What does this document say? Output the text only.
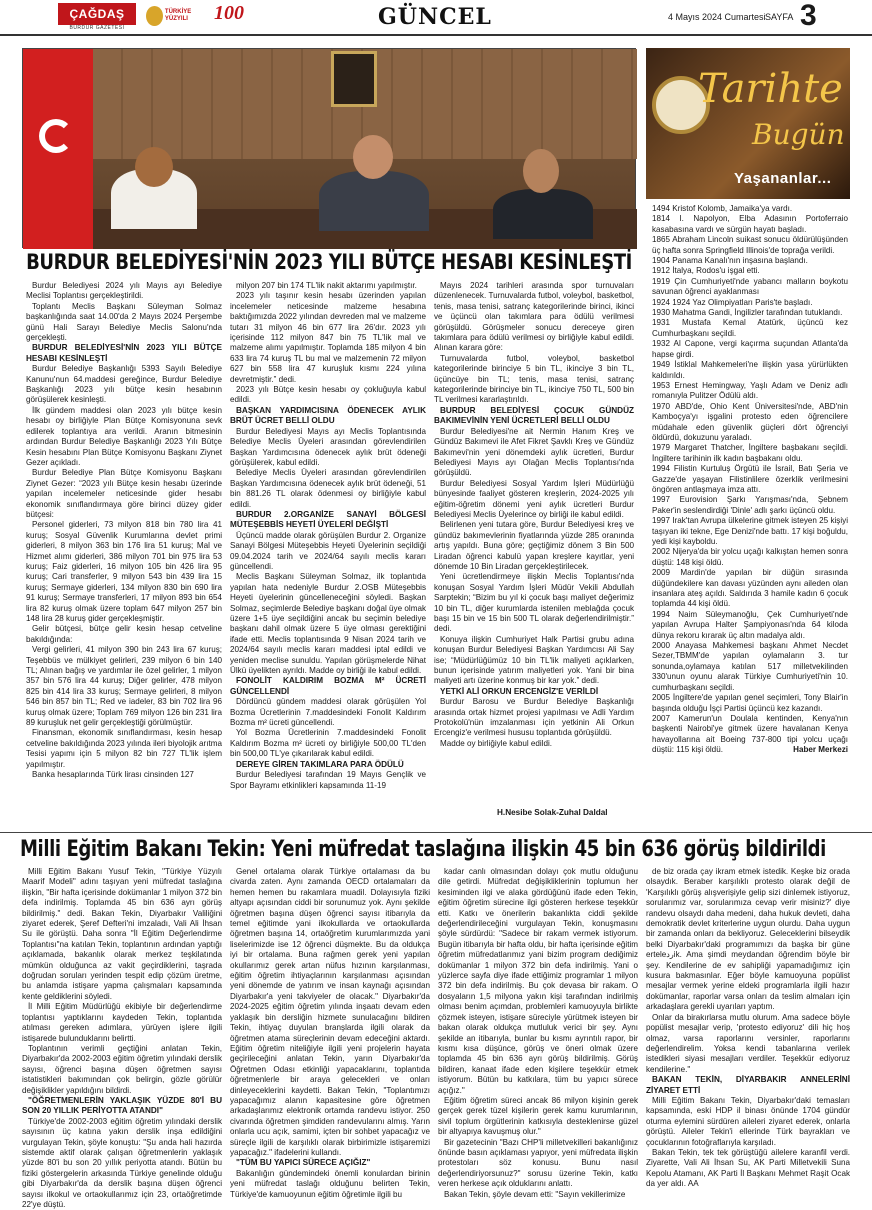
ÇAĞDAŞ
BURDUR GAZETESİ
TÜRKİYE YÜZYILI	100	GÜNCEL	4 Mayıs 2024 Cumartesi SAYFA 3
BURDUR BELEDİYESİ'NİN 2023 YILI BÜTÇE HESABI KESİNLEŞTİ

Burdur Belediyesi 2024 yılı Mayıs ayı Belediye Meclisi Toplantısı gerçekleştirildi.

Toplantı Meclis Başkanı Süleyman Solmaz başkanlığında saat 14.00'da 2 Mayıs 2024 Perşembe günü Hali Sarayı Belediye Meclis Salonu'nda gerçekleşti.

BURDUR BELEDİYESİ'NİN 2023 YILI BÜTÇE HESABI KESİNLEŞTİ

Burdur Belediye Başkanlığı 5393 Sayılı Belediye Kanunu'nun 64.maddesi gereğince, Burdur Belediye Başkanlığı 2023 yılı bütçe kesin hesabının görüşülerek kesinleşti.

İlk gündem maddesi olan 2023 yılı bütçe kesin hesabı oy birliğiyle Plan Bütçe Komisyonuna sevk edilerek toplantıya ara verildi. Aranın bitmesinin ardından Burdur Belediye Başkanlığı 2023 Yılı Bütçe Kesin hesabını Plan Bütçe Komisyonu Başkanı Ziynet Gezer açıkladı.

Burdur Belediye Plan Bütçe Komisyonu Başkanı Ziynet Gezer: “2023 yılı Bütçe kesin hesabı üzerinde yapılan incelemeler neticesinde gider hesabı ekonomik sınıflandırmaya göre birinci düzey gider bütçesi:

Personel giderleri, 73 milyon 818 bin 780 lira 41 kuruş; Sosyal Güvenlik Kurumlarına devlet primi giderleri, 8 milyon 363 bin 176 lira 51 kuruş; Mal ve Hizmet alımı giderleri, 386 milyon 701 bin 975 lira 53 kuruş; Faiz giderleri, 16 milyon 105 bin 426 lira 95 kuruş; Cari transferler, 9 milyon 543 bin 439 lira 15 kuruş; Sermaye giderleri, 134 milyon 830 bin 690 lira 91 kuruş; Sermaye transferleri, 17 milyon 893 bin 654 lira 82 kuruş olmak üzere toplam 647 milyon 257 bin 148 lira 28 kuruş gider gerçekleşmiştir.

Gelir bütçesi, bütçe gelir kesin hesap cetveline bakıldığında:

Vergi gelirleri, 41 milyon 390 bin 243 lira 67 kuruş; Teşebbüs ve mülkiyet gelirleri, 239 milyon 6 bin 140 TL; Alınan bağış ve yardımlar ile özel gelirler, 1 milyon 357 bin 576 lira 44 kuruş; Diğer gelirler, 478 milyon 825 bin 414 lira 33 kuruş; Sermaye gelirleri, 8 milyon 546 bin 857 bin TL; Red ve iadeler, 83 bin 702 lira 96 kuruş olmak üzere; Toplam 769 milyon 126 bin 231 lira 89 kuruşluk net gelir gerçekleştiği görülmüştür.

Finansman, ekonomik sınıflandırması, kesin hesap cetveline bakıldığında 2023 yılında ileri biyolojik arıtma Tesisi yapımı için 5 milyon 82 bin 727 TL'lik işlem yapılmıştır.

Banka hesaplarında Türk lirası cinsinden 127

milyon 207 bin 174 TL'lik nakit aktarımı yapılmıştır.

2023 yılı taşınır kesin hesabı üzerinden yapılan incelemeler neticesinde malzeme hesabına baktığımızda 2022 yılından devreden mal ve malzeme tutarı 31 milyon 46 bin 677 lira 26'dır. 2023 yılı içerisinde 112 milyon 847 bin 75 TL'lik mal ve malzeme alımı yapılmıştır. Toplamda 185 milyon 4 bin 633 lira 74 kuruş TL bu mal ve malzemenin 72 milyon 627 bin 558 lira 47 kuruşluk kısmı 224 yılına devretmiştir.” dedi.

2023 yılı Bütçe kesin hesabı oy çokluğuyla kabul edildi.

BAŞKAN YARDIMCISINA ÖDENECEK AYLIK BRÜT ÜCRET BELLİ OLDU

Burdur Belediyesi Mayıs ayı Meclis Toplantısında Belediye Meclis Üyeleri arasından görevlendirilen Başkan Yardımcısına ödenecek aylık brüt ödeneği görüşülerek, kabul edildi.

Belediye Meclis Üyeleri arasından görevlendirilen Başkan Yardımcısına ödenecek aylık brüt ödeneği, 51 bin 881.26 TL olarak ödenmesi oy birliğiyle kabul edildi.

BURDUR 2.ORGANİZE SANAYİ BÖLGESİ MÜTEŞEBBİS HEYETİ ÜYELERİ DEĞİŞTİ

Üçüncü madde olarak görüşülen Burdur 2. Organize Sanayi Bölgesi Müteşebbis Heyeti Üyelerinin seçildiği 09.04.2024 tarih ve 2024/64 sayılı meclis kararı güncellendi.

Meclis Başkanı Süleyman Solmaz, ilk toplantıda yapılan hata nedeniyle Burdur 2.OSB Müteşebbis Heyeti üyelerinin güncelleneceğini söyledi. Başkan Solmaz, seçimlerde Belediye başkanı doğal üye olmak üzere 1+5 üye seçildiğini ancak bu seçimin belediye başkanı dahil olmak üzere 5 üye olması gerektiğini ifade etti. Meclis toplantısında 9 Nisan 2024 tarih ve 2024/64 sayılı meclis kararı maddesi iptal edildi ve yeniden meclise sunuldu. Yapılan görüşmelerde Nihat Ülkü üyelikten ayrıldı. Madde oy birliği ile kabul edildi.

FONOLİT KALDIRIM BOZMA M² ÜCRETİ GÜNCELLENDİ

Dördüncü gündem maddesi olarak görüşülen Yol Bozma Ücretlerinin 7.maddesindeki Fonolit Kaldırım Bozma m² ücreti güncellendi.

Yol Bozma Ücretlerinin 7.maddesindeki Fonolit Kaldırım Bozma m² ücreti oy birliğiyle 500,00 TL'den bin 500,00 TL'ye çıkarılarak kabul edildi.

DEREYE GİREN TAKIMLARA PARA ÖDÜLÜ

Burdur Belediyesi tarafından 19 Mayıs Gençlik ve Spor Bayramı etkinlikleri kapsamında 11-19

Mayıs 2024 tarihleri arasında spor turnuvaları düzenlenecek. Turnuvalarda futbol, voleybol, basketbol, tenis, masa tenisi, satranç kategorilerinde birinci, ikinci ve üçüncü olan takımlara para ödülü verilmesi görüşüldü. Görüşmeler sonucu dereceye giren takımlara para ödülü verilmesi oy birliğiyle kabul edildi. Alınan karara göre:

Turnuvalarda futbol, voleybol, basketbol kategorilerinde birinciye 5 bin TL, ikinciye 3 bin TL, üçüncüye bin TL; tenis, masa tenisi, satranç kategorilerinde birinciye bin TL, ikinciye 750 TL, 500 bin TL verilmesi kararlaştırıldı.

BURDUR BELEDİYESİ ÇOCUK GÜNDÜZ BAKIMEVİNİN YENİ ÜCRETLERİ BELLİ OLDU

Burdur Belediyesi'ne ait Nermin Hanım Kreş ve Gündüz Bakımevi ile Afet Fikret Şavklı Kreş ve Gündüz Bakımevi'nin yeni dönemdeki aylık ücretleri, Burdur Belediyesi Mayıs ayı Olağan Meclis Toplantısı'nda görüşüldü.

Burdur Belediyesi Sosyal Yardım İşleri Müdürlüğü bünyesinde faaliyet gösteren kreşlerin, 2024-2025 yılı eğitim-öğretim dönemi yeni aylık ücretleri Burdur Belediyesi Meclis Üyelerince oy birliği ile kabul edildi.

Belirlenen yeni tutara göre, Burdur Belediyesi kreş ve gündüz bakımevlerinin fiyatlarında yüzde 285 oranında artış yapıldı. Buna göre; geçtiğimiz dönem 3 Bin 500 Liradan öğrenci kabulü yapan kreşlere kayıtlar, yeni dönemde 10 Bin Liradan gerçekleştirilecek.

Yeni ücretlendirmeye ilişkin Meclis Toplantısı'nda konuşan Sosyal Yardım İşleri Müdür Vekili Abdullah Sarptekin; “Bizim bu yıl ki çocuk başı maliyet değerimiz 10 bin TL, diğer kurumlarda istenilen meblağda çocuk başı 15 bin ve 15 bin 500 TL olarak değerlendirilmiştir.” dedi.

Konuya ilişkin Cumhuriyet Halk Partisi grubu adına konuşan Burdur Belediyesi Başkan Yardımcısı Ali Say ise; “Müdürlüğümüz 10 bin TL'lik maliyeti açıklarken, bunun içerisinde yatırım maliyetleri yok. Yani bir bina maliyeti artı üzerine konmuş bir kar yok.” dedi.

YETKİ ALİ ORKUN ERCENGİZ'E VERİLDİ

Burdur Barosu ve Burdur Belediye Başkanlığı arasında ortak hizmet projesi yapılması ve Adli Yardım Protokolü'nün imzalanması için yetkinin Ali Orkun Ercengiz'e verilmesi hususu toplantıda görüşüldü.

Madde oy birliğiyle kabul edildi.

H.Nesibe Solak-Zuhal Daldal
Tarihte
Bugün
Yaşananlar...
1494 Kristof Kolomb, Jamaika'ya vardı.
1814 I. Napolyon, Elba Adasının Portoferraio kasabasına vardı ve sürgün hayatı başladı.
1865 Abraham Lincoln suikast sonucu öldürülüşünden üç hafta sonra Springfield Illinois'de toprağa verildi.
1904 Panama Kanalı'nın inşasına başlandı.
1912 İtalya, Rodos'u işgal etti.
1919 Çin Cumhuriyeti'nde yabancı malların boykotu savunan öğrenci ayaklanması
1924 1924 Yaz Olimpiyatları Paris'te başladı.
1930 Mahatma Gandi, İngilizler tarafından tutuklandı.
1931 Mustafa Kemal Atatürk, üçüncü kez Cumhurbaşkanı seçildi.
1932 Al Capone, vergi kaçırma suçundan Atlanta'da hapse girdi.
1949 İstiklal Mahkemeleri'ne ilişkin yasa yürürlükten kaldırıldı.
1953 Ernest Hemingway, Yaşlı Adam ve Deniz adlı romanıyla Pulitzer Ödülü aldı.
1970 ABD'de, Ohio Kent Üniversitesi'nde, ABD'nin Kamboçya'yı işgalini protesto eden öğrencilere müdahale eden güvenlik güçleri dört öğrenciyi öldürdü, dokuzunu yaraladı.
1979 Margaret Thatcher, İngiltere başbakanı seçildi. İngiltere tarihinin ilk kadın başbakanı oldu.
1994 Filistin Kurtuluş Örgütü ile İsrail, Batı Şeria ve Gazze'de yaşayan Filistinlilere özerklik verilmesini öngören antlaşmaya imza attı.
1997 Eurovision Şarkı Yarışması'nda, Şebnem Paker'in seslendirdiği 'Dinle' adlı şarkı üçüncü oldu.
1997 Irak'tan Avrupa ülkelerine gitmek isteyen 25 kişiyi taşıyan iki tekne, Ege Denizi'nde battı. 17 kişi boğuldu, yedi kişi kayboldu.
2002 Nijerya'da bir yolcu uçağı kalkıştan hemen sonra düştü: 148 kişi öldü.
2009 Mardin'de yapılan bir düğün sırasında düğündekilere kan davası yüzünden aynı aileden olan insanlara ateş açıldı. Saldırıda 3 hamile kadın 6 çocuk toplamda 44 kişi öldü.
1994 Naim Süleymanoğlu, Çek Cumhuriyeti'nde yapılan Avrupa Halter Şampiyonası'nda 64 kiloda dünya rekoru kırarak üç altın madalya aldı.
2000 Anayasa Mahkemesi başkanı Ahmet Necdet Sezer,TBMM'de yapılan oylamaların 3. tur sonunda,oylamaya katılan 517 milletvekilinden 330'unun oyunu alarak Türkiye Cumhuriyeti'nin 10. cumhurbaşkanı seçildi.
2005 İngiltere'de yapılan genel seçimleri, Tony Blair'in başında olduğu İşçi Partisi üçüncü kez kazandı.
2007 Kamerun'un Doulala kentinden, Kenya'nın başkenti Nairobi'ye gitmek üzere havalanan Kenya havayollarına ait Boeing 737-800 tipi yolcu uçağı düştü: 115 kişi öldü.	Haber Merkezi
Milli Eğitim Bakanı Tekin: Yeni müfredat taslağına ilişkin 45 bin 636 görüş bildirildi

Milli Eğitim Bakanı Yusuf Tekin, "Türkiye Yüzyılı Maarif Modeli" adını taşıyan yeni müfredat taslağına ilişkin, "Bir hafta içerisinde dokümanlar 1 milyon 372 bin defa indirilmiş. Toplamda 45 bin 636 ayrı görüş bildirilmiş." dedi. Bakan Tekin, Diyarbakır Valiliğini ziyaret ederek, Şeref Defteri'ni imzaladı, Vali Ali İhsan Su ile görüştü. Daha sonra "İl Eğitim Değerlendirme Toplantısı"na katılan Tekin, toplantının ardından yaptığı açıklamada, bakanlık olarak merkez teşkilatında mümkün olduğunca az vakit geçirdiklerini, taşrada doğrudan soruları yerinden tespit edip çözüm üretme, bu anlamda istişare yapma çalışmaları kapsamında kente geldiklerini söyledi.

İl Milli Eğitim Müdürlüğü ekibiyle bir değerlendirme toplantısı yaptıklarını kaydeden Tekin, toplantıda atılması gereken adımlara, yürüyen işlere ilgili istişarede bulunduklarını belirtti.

Toplantının verimli geçtiğini anlatan Tekin, Diyarbakır'da 2002-2003 eğitim öğretim yılındaki derslik sayısı, öğrenci başına düşen öğretmen sayısı istatistikleri bakımından çok belirgin, gözle görülür değişiklikler yapıldığını bildirdi.

"ÖĞRETMENLERİN YAKLAŞIK YÜZDE 80'İ BU SON 20 YILLIK PERİYOTTA ATANDI"

Türkiye'de 2002-2003 eğitim öğretim yılındaki derslik sayısının üç katına yakın derslik inşa edildiğini vurgulayan Tekin, şöyle konuştu: "Şu anda hali hazırda sistemde aktif olarak çalışan öğretmenlerin yaklaşık yüzde 80'i bu son 20 yıllık periyotta atandı. Bütün bu fiziki göstergelerin arkasında Türkiye genelinde olduğu gibi Diyarbakır'da da derslik başına düşen öğrenci sayısı ilkokul ve ortaokullarımız için 23, ortaöğretimde 22'ye düştü.

Genel ortalama olarak Türkiye ortalaması da bu civarda zaten. Aynı zamanda OECD ortalamaları da hemen hemen bu rakamlara muadil. Dolayısıyla fiziki altyapı açısından ciddi bir sorunumuz yok. Aynı şekilde öğretmen başına düşen öğrenci sayısı itibarıyla da temel eğitimde yani ilkokullarda ve ortaokullarda öğretmen başına 14, ortaöğretim kurumlarımızda yani liselerimizde ise 12 öğrenci düşmekte. Bu da oldukça iyi bir ortalama. Buna rağmen gerek yeni yapılan okullarımız gerek artan nüfus hızının karşılanması, eğitim öğretim ihtiyaçlarının karşılanması açısından yeni dönemde de yatırım ve insan kaynağı açısından Diyarbakır'a yeni takviyeler de olacak." Diyarbakır'da 2024-2025 eğitim öğretim yılında inşaatı devam eden yaklaşık bin dersliğin hizmete sunulacağını bildiren Tekin, ihtiyaç duyulan branşlarda ilgili olarak da öğretmen atama süreçlerinin devam edeceğini aktardı. Eğitim öğretim niteliğiyle ilgili yeni projelerin hayata geçirileceğini anlatan Tekin, yarın Diyarbakır'da Öğretmen Odası etkinliği yapacaklarını, toplantıda öğretmenlerle bir araya gelecekleri ve onları dinleyeceklerini kaydetti. Bakan Tekin, "Toplantımızı yapacağımız alanın kapasitesine göre öğretmen arkadaşlarımız elektronik ortamda randevu istiyor. 250 civarında öğretmen şimdiden randevularını almış. Yarın onlarla ucu açık, samimi, içten bir sohbet yapacağız ve süreçle ilgili de karşılıklı olarak birbirimizle istişaremizi yapacağız." ifadelerini kullandı.

"TÜM BU YAPICI SÜRECE AÇIĞIZ"

Bakanlığın gündemindeki önemli konulardan birinin yeni müfredat taslağı olduğunu belirten Tekin, Türkiye'de kamuoyunun eğitim öğretimle ilgili bu

kadar canlı olmasından dolayı çok mutlu olduğunu dile getirdi. Müfredat değişikliklerinin toplumun her kesiminden ilgi ve alaka gördüğünü ifade eden Tekin, eğitim öğretim sürecine ilgi gösteren herkese teşekkür etti. Katkı ve önerilerin bakanlıkta ciddi şekilde değerlendirileceğini vurgulayan Tekin, konuşmasını şöyle sürdürdü: "Sadece bir rakam vermek istiyorum. Bugün itibarıyla bir hafta oldu, bir hafta içerisinde eğitim öğretim müfredatlarımız yani bizim program dediğimiz dokümanlar 1 milyon 372 bin defa indirilmiş. Yani o yüzlerce sayfa diye ifade ettiğimiz programlar 1 milyon 372 bin defa indirilmiş. Bu çok devasa bir rakam. O dosyaların 1,5 milyona yakın kişi tarafından indirilmiş olması benim açımdan, problemleri kamuoyuyla birlikte çözmek isteyen, istişare süreciyle yürütmek isteyen bir bakan olarak oldukça mutluluk verici bir şey. Aynı şekilde an itibarıyla, bunlar bu kısmı ayrıntılı rapor, bir kısmı kısa düşünce, görüş ve öneri olmak üzere toplamda 45 bin 636 ayrı görüş bildirilmiş. Görüş bildiren, kanaat ifade eden kişilere teşekkür etmek istiyorum. Bütün bu katkılara, tüm bu yapıcı sürece açığız."

Eğitim öğretim süreci ancak 86 milyon kişinin gerek gerçek gerek tüzel kişilerin gerek kamu kurumlarının, sivil toplum örgütlerinin katkısıyla desteklenirse güzel bir altyapıya kavuşmuş olur."

Bir gazetecinin "Bazı CHP'li milletvekilleri bakanlığınız önünde basın açıklaması yapıyor, yeni müfredata ilişkin protestoları söz konusu. Bunu nasıl değerlendiriyorsunuz?" sorusu üzerine Tekin, katkı veren herkese açık olduklarını anlattı.

Bakan Tekin, şöyle devam etti: "Sayın vekillerimize

de biz orada çay ikram etmek istedik. Keşke biz orada olsaydık. Beraber karşılıklı protesto olarak değil de 'Karşılıklı görüş alışverişiyle gelip sizi dinlemek istiyoruz, sorularımız var, sorularımıza cevap verir misiniz?' diye randevu olsaydı daha medeni, daha hukuk devleti, daha demokratik devlet kriterlerine uygun olurdu. Daha uygun bir zamanda onları da bekliyoruz. Geleceklerini bilseydik belki Diyarbakır'daki programımızı da başka bir güne erteleردik. Ama şimdi meydandan öğrendim böyle bir şey. Kendilerine de ev sahipliği yapamadığımız için kusura bakmasınlar. Eğer böyle kamuoyuna popülist mesajlar vermek yerine eldeki programlarla ilgili hazır dokümanlar, raporlar varsa onları da teslim almaları için arkadaşlara gerekli uyarıları yaptım.

Onlar da birakırlarsa mutlu olurum. Ama sadece böyle popülist mesajlar verip, 'protesto ediyoruz' dili hiç hoş olmaz, varsa raporlarını versinler, raporlarını değerlendirelim. Yoksa kendi tabanlarına verilek istedikleri siyasi mesajları verdiler. Teşekkür ediyoruz kendilerine."

BAKAN TEKİN, DİYARBAKIR ANNELERİNİ ZİYARET ETTİ

Milli Eğitim Bakanı Tekin, Diyarbakır'daki temasları kapsamında, eski HDP il binası önünde 1704 gündür oturma eylemini sürdüren aileleri ziyaret ederek, onlarla görüştü. Aileler Tekin'i ellerinde Türk bayrakları ve çocuklarının fotoğraflarıyla karşıladı.

Bakan Tekin, tek tek görüştüğü ailelere karanfil verdi. Ziyarette, Vali Ali İhsan Su, AK Parti Milletvekili Suna Kepolu Atamanı, AK Parti İl Başkanı Mehmet Raşit Ocak da yer aldı. AA
